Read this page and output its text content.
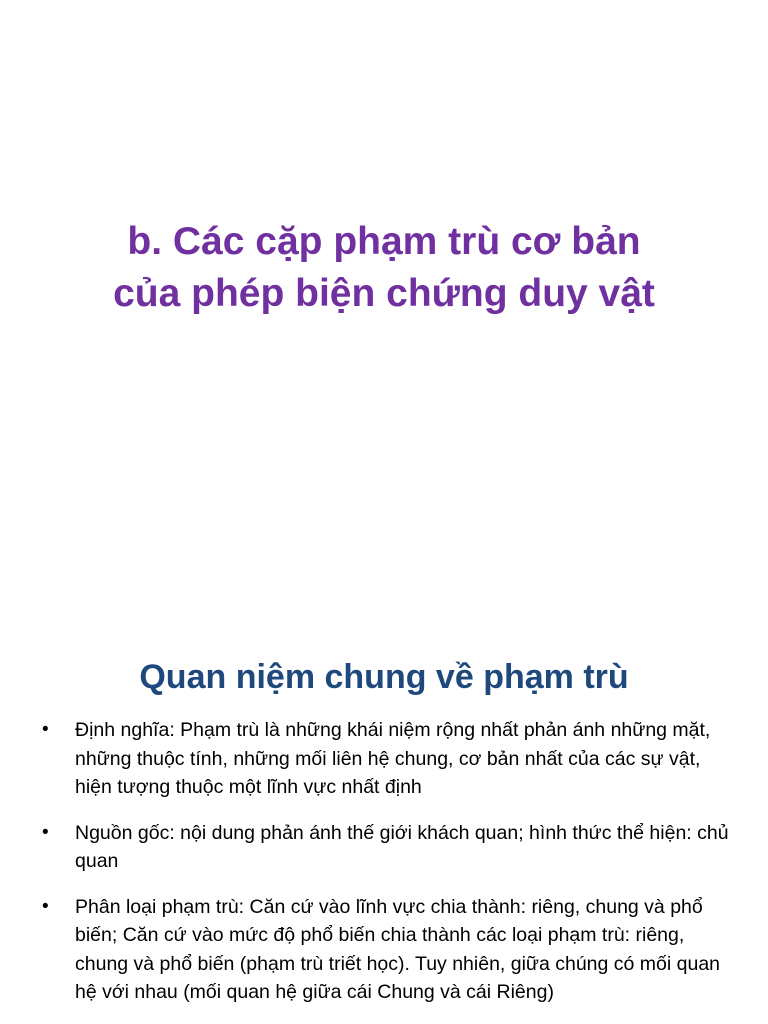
b. Các cặp phạm trù cơ bản
của phép biện chứng duy vật
Quan niệm chung về phạm trù
• Định nghĩa: Phạm trù là những khái niệm rộng nhất phản ánh những mặt, những thuộc tính, những mối liên hệ chung, cơ bản nhất của các sự vật, hiện tượng thuộc một lĩnh vực nhất định
• Nguồn gốc: nội dung phản ánh thế giới khách quan; hình thức thể hiện: chủ quan
• Phân loại phạm trù: Căn cứ vào lĩnh vực chia thành: riêng, chung và phổ biến; Căn cứ vào mức độ phổ biến chia thành các loại phạm trù: riêng, chung và phổ biến (phạm trù triết học). Tuy nhiên, giữa chúng có mối quan hệ với nhau (mối quan hệ giữa cái Chung và cái Riêng)
